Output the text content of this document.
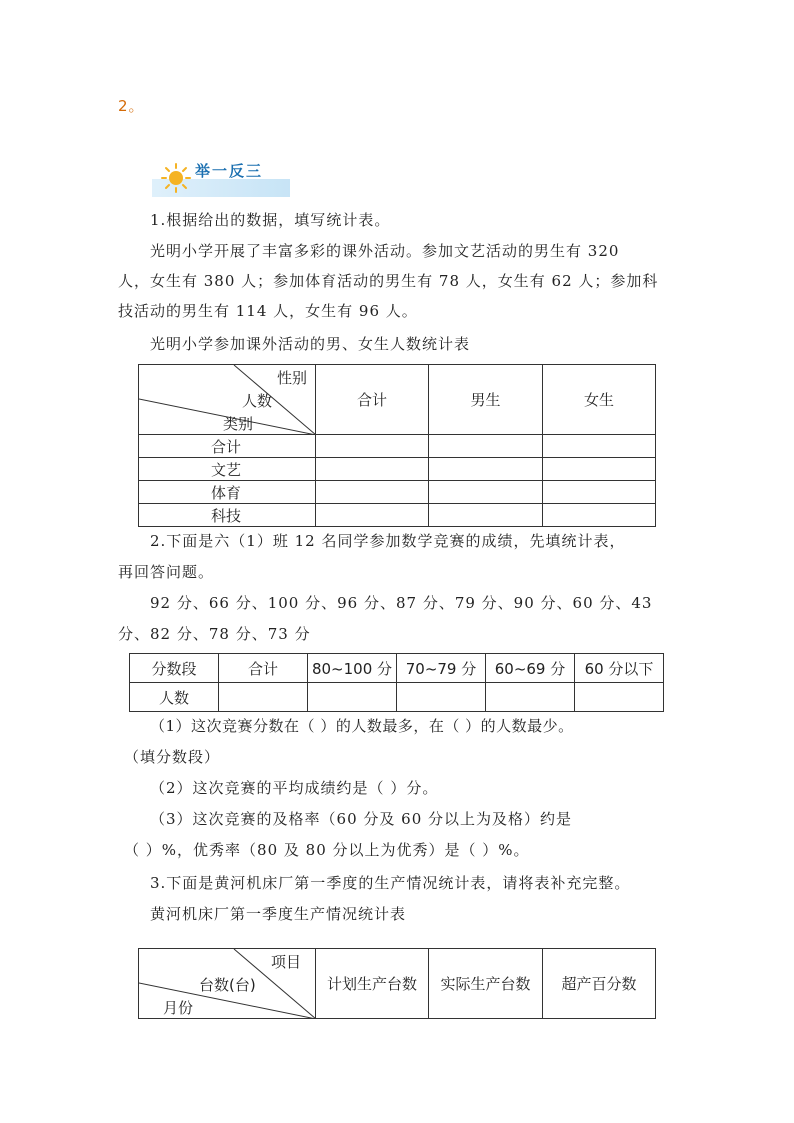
2。
举一反三
1.根据给出的数据，填写统计表。
光明小学开展了丰富多彩的课外活动。参加文艺活动的男生有 320
人，女生有 380 人；参加体育活动的男生有 78 人，女生有 62 人；参加科
技活动的男生有 114 人，女生有 96 人。
光明小学参加课外活动的男、女生人数统计表
性别
人数
类别	合计	男生	女生
合计			
文艺			
体育			
科技			
2.下面是六（1）班 12 名同学参加数学竞赛的成绩，先填统计表，
再回答问题。
92 分、66 分、100 分、96 分、87 分、79 分、90 分、60 分、43
分、82 分、78 分、73 分
分数段	合计	80~100 分	70~79 分	60~69 分	60 分以下
人数					
（1）这次竞赛分数在（ ）的人数最多，在（ ）的人数最少。
（填分数段）
（2）这次竞赛的平均成绩约是（ ）分。
（3）这次竞赛的及格率（60 分及 60 分以上为及格）约是
（ ）%，优秀率（80 及 80 分以上为优秀）是（ ）%。
3.下面是黄河机床厂第一季度的生产情况统计表，请将表补充完整。
黄河机床厂第一季度生产情况统计表
项目
台数(台)
月份
	计划生产台数	实际生产台数	超产百分数
